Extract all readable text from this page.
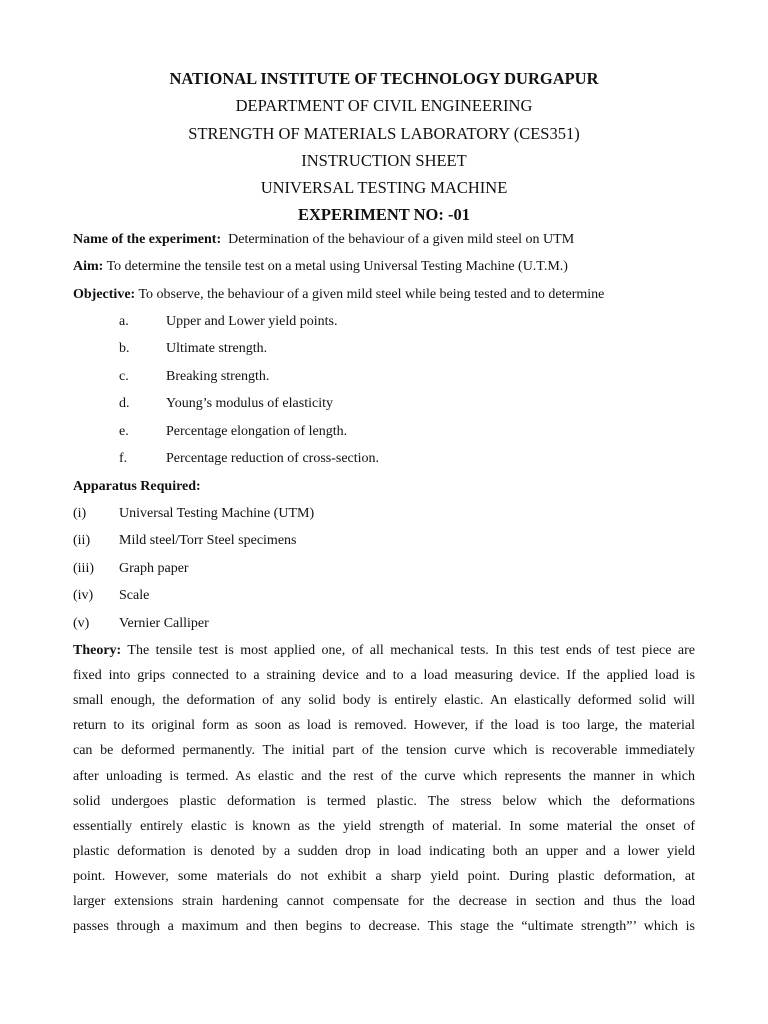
NATIONAL INSTITUTE OF TECHNOLOGY DURGAPUR
DEPARTMENT OF CIVIL ENGINEERING
STRENGTH OF MATERIALS LABORATORY (CES351)
INSTRUCTION SHEET
UNIVERSAL TESTING MACHINE
EXPERIMENT NO: -01
Name of the experiment: Determination of the behaviour of a given mild steel on UTM
Aim: To determine the tensile test on a metal using Universal Testing Machine (U.T.M.)
Objective: To observe, the behaviour of a given mild steel while being tested and to determine
a.	Upper and Lower yield points.
b.	Ultimate strength.
c.	Breaking strength.
d.	Young’s modulus of elasticity
e.	Percentage elongation of length.
f.	Percentage reduction of cross-section.
Apparatus Required:
(i) Universal Testing Machine (UTM)
(ii) Mild steel/Torr Steel specimens
(iii) Graph paper
(iv) Scale
(v) Vernier Calliper
Theory: The tensile test is most applied one, of all mechanical tests. In this test ends of test piece are
fixed into grips connected to a straining device and to a load measuring device. If the applied load is
small enough, the deformation of any solid body is entirely elastic. An elastically deformed solid will
return to its original form as soon as load is removed. However, if the load is too large, the material
can be deformed permanently. The initial part of the tension curve which is recoverable immediately
after unloading is termed. As elastic and the rest of the curve which represents the manner in which
solid undergoes plastic deformation is termed plastic. The stress below which the deformations
essentially entirely elastic is known as the yield strength of material. In some material the onset of
plastic deformation is denoted by a sudden drop in load indicating both an upper and a lower yield
point. However, some materials do not exhibit a sharp yield point. During plastic deformation, at
larger extensions strain hardening cannot compensate for the decrease in section and thus the load
passes through a maximum and then begins to decrease. This stage the “ultimate strength”’ which is
